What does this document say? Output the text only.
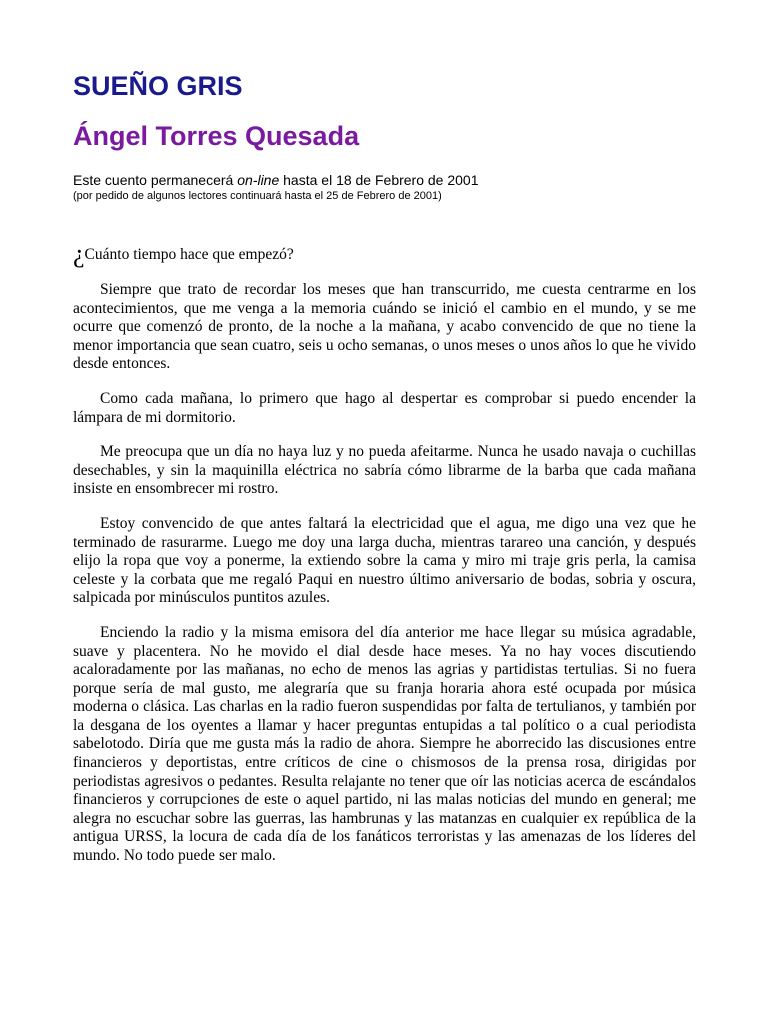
SUEÑO GRIS
Ángel Torres Quesada

Este cuento permanecerá on-line hasta el 18 de Febrero de 2001

(por pedido de algunos lectores continuará hasta el 25 de Febrero de 2001)

¿Cuánto tiempo hace que empezó?

Siempre que trato de recordar los meses que han transcurrido, me cuesta centrarme en los acontecimientos, que me venga a la memoria cuándo se inició el cambio en el mundo, y se me ocurre que comenzó de pronto, de la noche a la mañana, y acabo convencido de que no tiene la menor importancia que sean cuatro, seis u ocho semanas, o unos meses o unos años lo que he vivido desde entonces.

Como cada mañana, lo primero que hago al despertar es comprobar si puedo encender la lámpara de mi dormitorio.

Me preocupa que un día no haya luz y no pueda afeitarme. Nunca he usado navaja o cuchillas desechables, y sin la maquinilla eléctrica no sabría cómo librarme de la barba que cada mañana insiste en ensombrecer mi rostro.

Estoy convencido de que antes faltará la electricidad que el agua, me digo una vez que he terminado de rasurarme. Luego me doy una larga ducha, mientras tarareo una canción, y después elijo la ropa que voy a ponerme, la extiendo sobre la cama y miro mi traje gris perla, la camisa celeste y la corbata que me regaló Paqui en nuestro último aniversario de bodas, sobria y oscura, salpicada por minúsculos puntitos azules.

Enciendo la radio y la misma emisora del día anterior me hace llegar su música agradable, suave y placentera. No he movido el dial desde hace meses. Ya no hay voces discutiendo acaloradamente por las mañanas, no echo de menos las agrias y partidistas tertulias. Si no fuera porque sería de mal gusto, me alegraría que su franja horaria ahora esté ocupada por música moderna o clásica. Las charlas en la radio fueron suspendidas por falta de tertulianos, y también por la desgana de los oyentes a llamar y hacer preguntas entupidas a tal político o a cual periodista sabelotodo. Diría que me gusta más la radio de ahora. Siempre he aborrecido las discusiones entre financieros y deportistas, entre críticos de cine o chismosos de la prensa rosa, dirigidas por periodistas agresivos o pedantes. Resulta relajante no tener que oír las noticias acerca de escándalos financieros y corrupciones de este o aquel partido, ni las malas noticias del mundo en general; me alegra no escuchar sobre las guerras, las hambrunas y las matanzas en cualquier ex república de la antigua URSS, la locura de cada día de los fanáticos terroristas y las amenazas de los líderes del mundo. No todo puede ser malo.
